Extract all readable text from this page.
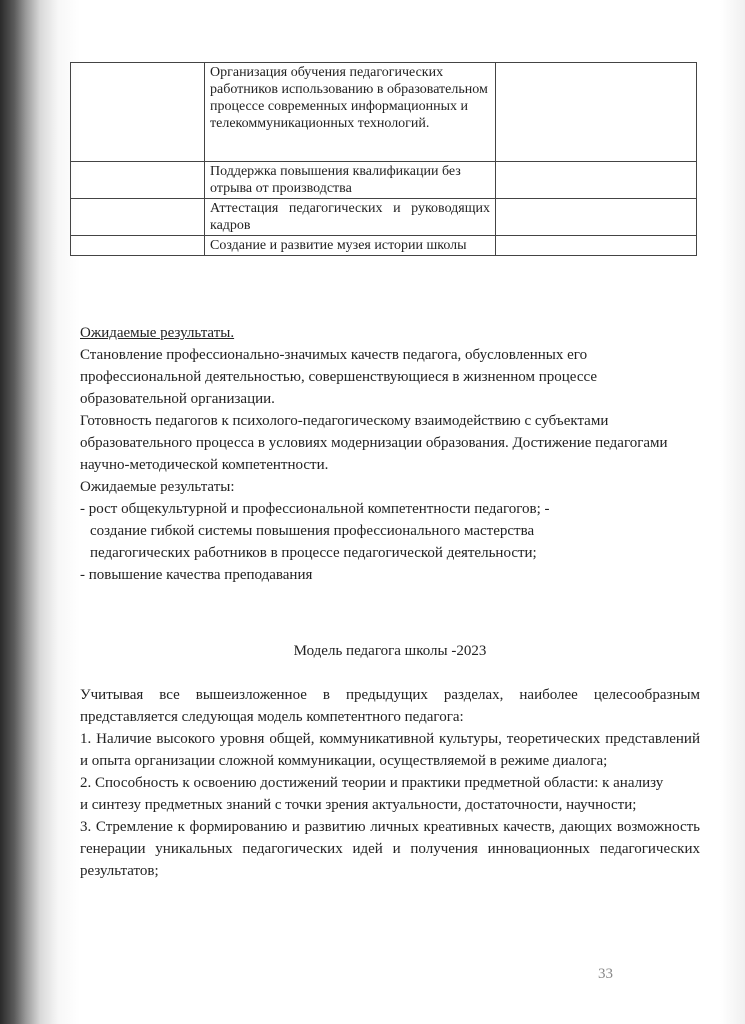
	Организация обучения педагогических работников использованию в образовательном процессе современных информационных и телекоммуникационных технологий.	
	Поддержка повышения квалификации без отрыва от производства	
	Аттестация педагогических и руководящих кадров	
	Создание и развитие музея истории школы	
Ожидаемые результаты.
Становление профессионально-значимых качеств педагога, обусловленных его профессиональной деятельностью, совершенствующиеся в жизненном процессе образовательной организации.
Готовность педагогов к психолого-педагогическому взаимодействию с субъектами образовательного процесса в условиях модернизации образования. Достижение педагогами научно-методической компетентности.
Ожидаемые результаты:
- рост общекультурной и профессиональной компетентности педагогов; -
создание гибкой системы повышения профессионального мастерства
педагогических работников в процессе педагогической деятельности;
- повышение качества преподавания
Модель педагога школы -2023
Учитывая все вышеизложенное в предыдущих разделах, наиболее целесообразным представляется следующая модель компетентного педагога:
1. Наличие высокого уровня общей, коммуникативной культуры, теоретических представлений и опыта организации сложной коммуникации, осуществляемой в режиме диалога;
2. Способность к освоению достижений теории и практики предметной области: к анализу
и синтезу предметных знаний с точки зрения актуальности, достаточности, научности;
3. Стремление к формированию и развитию личных креативных качеств, дающих возможность генерации уникальных педагогических идей и получения инновационных педагогических результатов;
33
